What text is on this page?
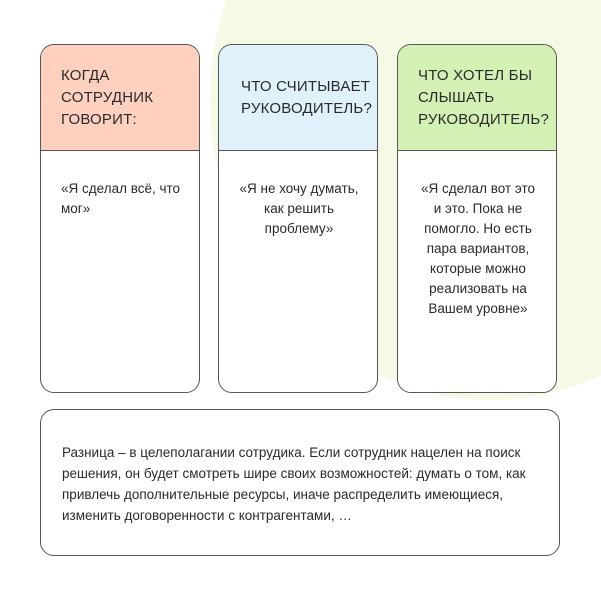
КОГДА СОТРУДНИК ГОВОРИТ:
«Я сделал всё, что мог»
ЧТО СЧИТЫВАЕТ РУКОВОДИТЕЛЬ?
«Я не хочу думать, как решить проблему»
ЧТО ХОТЕЛ БЫ СЛЫШАТЬ РУКОВОДИТЕЛЬ?
«Я сделал вот это и это. Пока не помогло. Но есть пара вариантов, которые можно реализовать на Вашем уровне»
Разница – в целеполагании сотрудика. Если сотрудник нацелен на поиск решения, он будет смотреть шире своих возможностей: думать о том, как привлечь дополнительные ресурсы, иначе распределить имеющиеся, изменить договоренности с контрагентами, …
